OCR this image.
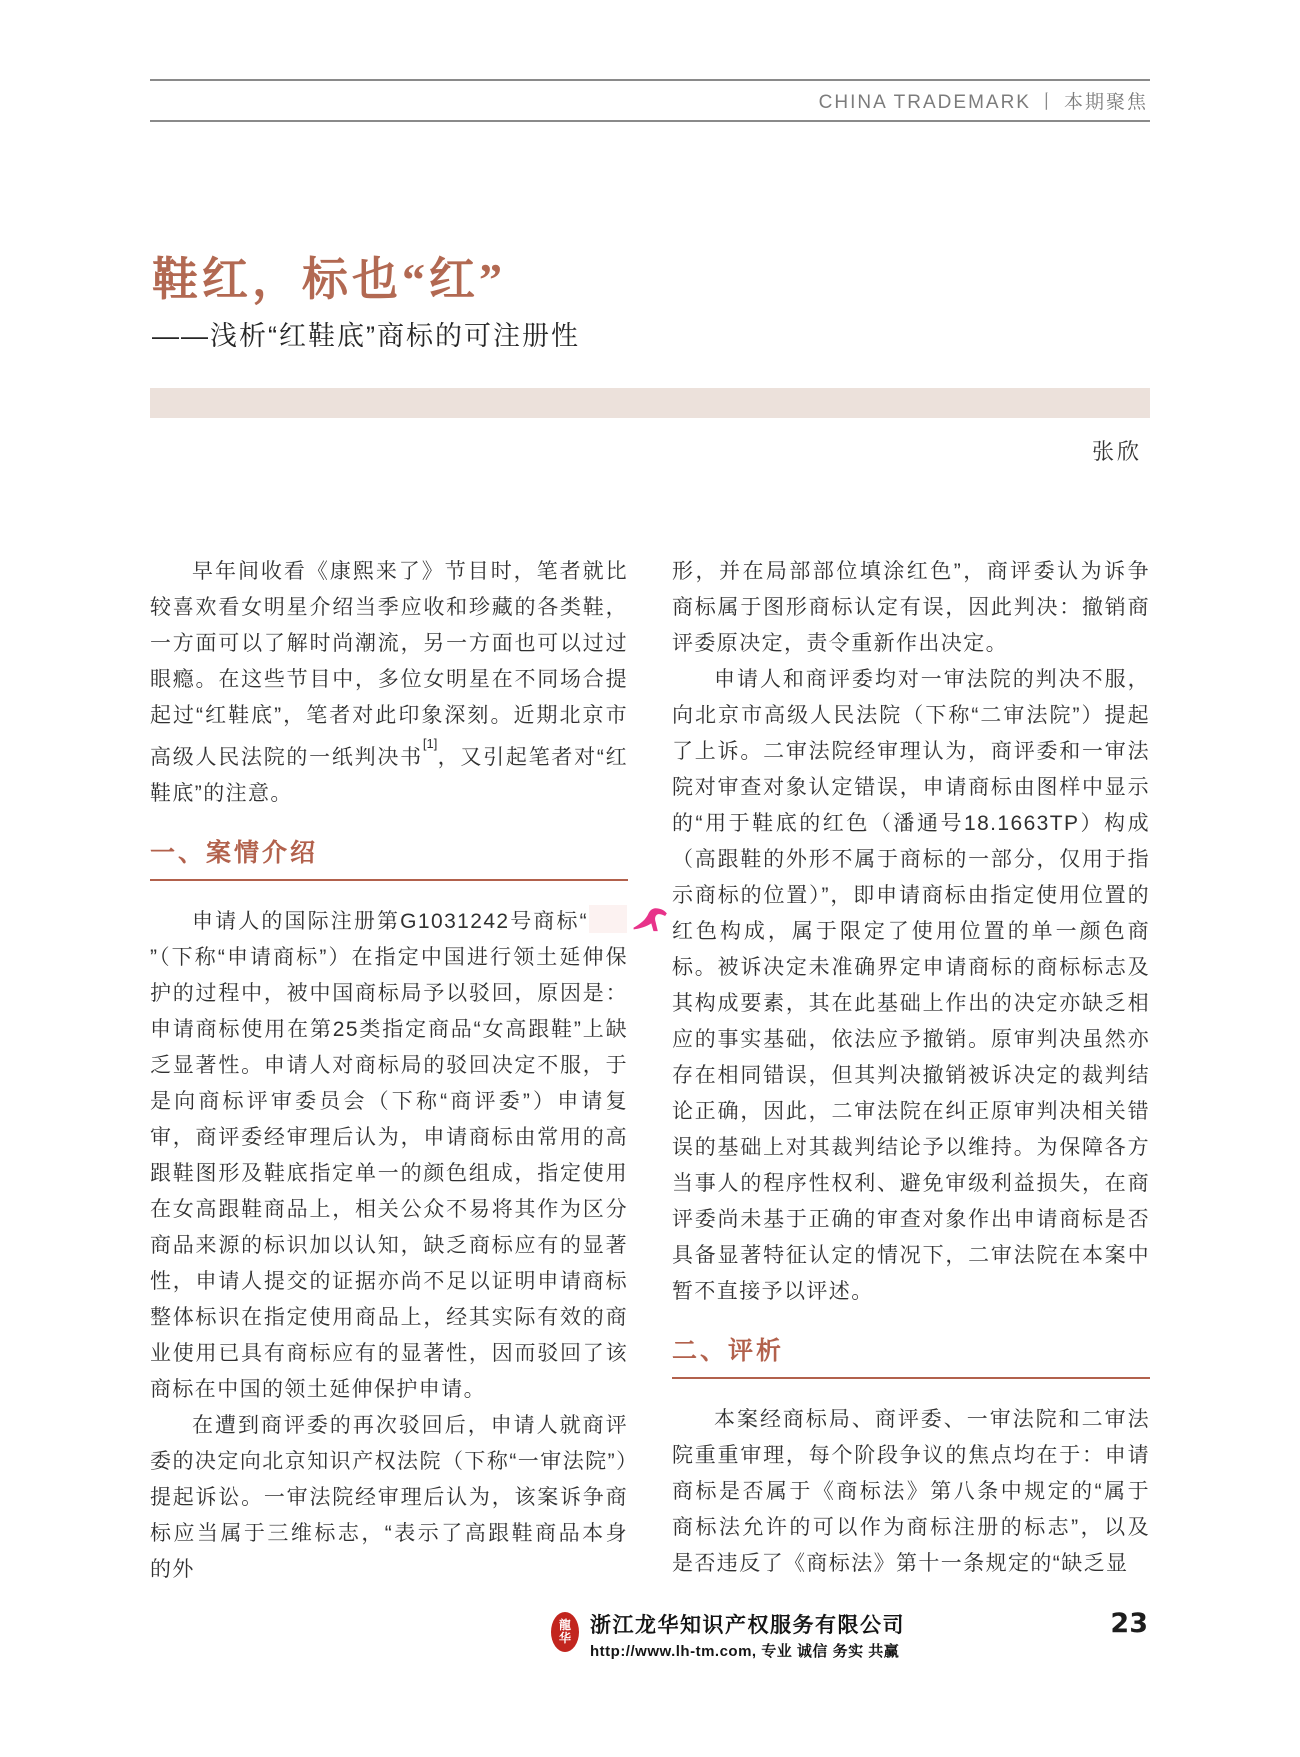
CHINA TRADEMARK 丨 本期聚焦
鞋红，标也“红”
——浅析“红鞋底”商标的可注册性
张欣

早年间收看《康熙来了》节目时，笔者就比较喜欢看女明星介绍当季应收和珍藏的各类鞋，一方面可以了解时尚潮流，另一方面也可以过过眼瘾。在这些节目中，多位女明星在不同场合提起过“红鞋底”，笔者对此印象深刻。近期北京市高级人民法院的一纸判决书[1]，又引起笔者对“红鞋底”的注意。

一、案情介绍

申请人的国际注册第G1031242号商标“”（下称“申请商标”）在指定中国进行领土延伸保护的过程中，被中国商标局予以驳回，原因是：申请商标使用在第25类指定商品“女高跟鞋”上缺乏显著性。申请人对商标局的驳回决定不服，于是向商标评审委员会（下称“商评委”）申请复审，商评委经审理后认为，申请商标由常用的高跟鞋图形及鞋底指定单一的颜色组成，指定使用在女高跟鞋商品上，相关公众不易将其作为区分商品来源的标识加以认知，缺乏商标应有的显著性，申请人提交的证据亦尚不足以证明申请商标整体标识在指定使用商品上，经其实际有效的商业使用已具有商标应有的显著性，因而驳回了该商标在中国的领土延伸保护申请。

在遭到商评委的再次驳回后，申请人就商评委的决定向北京知识产权法院（下称“一审法院”）提起诉讼。一审法院经审理后认为，该案诉争商标应当属于三维标志，“表示了高跟鞋商品本身的外

形，并在局部部位填涂红色”，商评委认为诉争商标属于图形商标认定有误，因此判决：撤销商评委原决定，责令重新作出决定。

申请人和商评委均对一审法院的判决不服，向北京市高级人民法院（下称“二审法院”）提起了上诉。二审法院经审理认为，商评委和一审法院对审查对象认定错误，申请商标由图样中显示的“用于鞋底的红色（潘通号18.1663TP）构成（高跟鞋的外形不属于商标的一部分，仅用于指示商标的位置）”，即申请商标由指定使用位置的红色构成，属于限定了使用位置的单一颜色商标。被诉决定未准确界定申请商标的商标标志及其构成要素，其在此基础上作出的决定亦缺乏相应的事实基础，依法应予撤销。原审判决虽然亦存在相同错误，但其判决撤销被诉决定的裁判结论正确，因此，二审法院在纠正原审判决相关错误的基础上对其裁判结论予以维持。为保障各方当事人的程序性权利、避免审级利益损失，在商评委尚未基于正确的审查对象作出申请商标是否具备显著特征认定的情况下，二审法院在本案中暂不直接予以评述。

二、评析

本案经商标局、商评委、一审法院和二审法院重重审理，每个阶段争议的焦点均在于：申请商标是否属于《商标法》第八条中规定的“属于商标法允许的可以作为商标注册的标志”，以及是否违反了《商标法》第十一条规定的“缺乏显

龍
华
浙江龙华知识产权服务有限公司
http://www.lh-tm.com, 专业 诚信 务实 共赢
23
